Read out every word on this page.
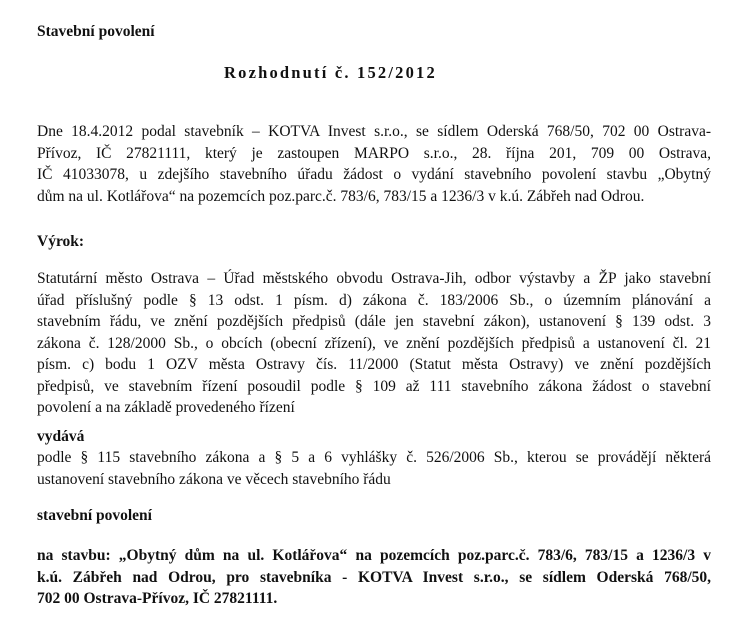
Stavební povolení
Rozhodnutí č. 152/2012
Dne 18.4.2012 podal stavebník – KOTVA Invest s.r.o., se sídlem Oderská 768/50, 702 00 Ostrava-
Přívoz, IČ 27821111, který je zastoupen MARPO s.r.o., 28. října 201, 709 00 Ostrava,
IČ 41033078, u zdejšího stavebního úřadu žádost o vydání stavebního povolení stavbu „Obytný
dům na ul. Kotlářova“ na pozemcích poz.parc.č. 783/6, 783/15 a 1236/3 v k.ú. Zábřeh nad Odrou.
Výrok:
Statutární město Ostrava – Úřad městského obvodu Ostrava-Jih, odbor výstavby a ŽP jako stavební
úřad příslušný podle § 13 odst. 1 písm. d) zákona č. 183/2006 Sb., o územním plánování a
stavebním řádu, ve znění pozdějších předpisů (dále jen stavební zákon), ustanovení § 139 odst. 3
zákona č. 128/2000 Sb., o obcích (obecní zřízení), ve znění pozdějších předpisů a ustanovení čl. 21
písm. c) bodu 1 OZV města Ostravy čís. 11/2000 (Statut města Ostravy) ve znění pozdějších
předpisů, ve stavebním řízení posoudil podle § 109 až 111 stavebního zákona žádost o stavební
povolení a na základě provedeného řízení
vydává
podle § 115 stavebního zákona a § 5 a 6 vyhlášky č. 526/2006 Sb., kterou se provádějí některá
ustanovení stavebního zákona ve věcech stavebního řádu
stavební povolení
na stavbu: „Obytný dům na ul. Kotlářova“ na pozemcích poz.parc.č. 783/6, 783/15 a 1236/3 v
k.ú. Zábřeh nad Odrou, pro stavebníka - KOTVA Invest s.r.o., se sídlem Oderská 768/50,
702 00 Ostrava-Přívoz, IČ 27821111.
